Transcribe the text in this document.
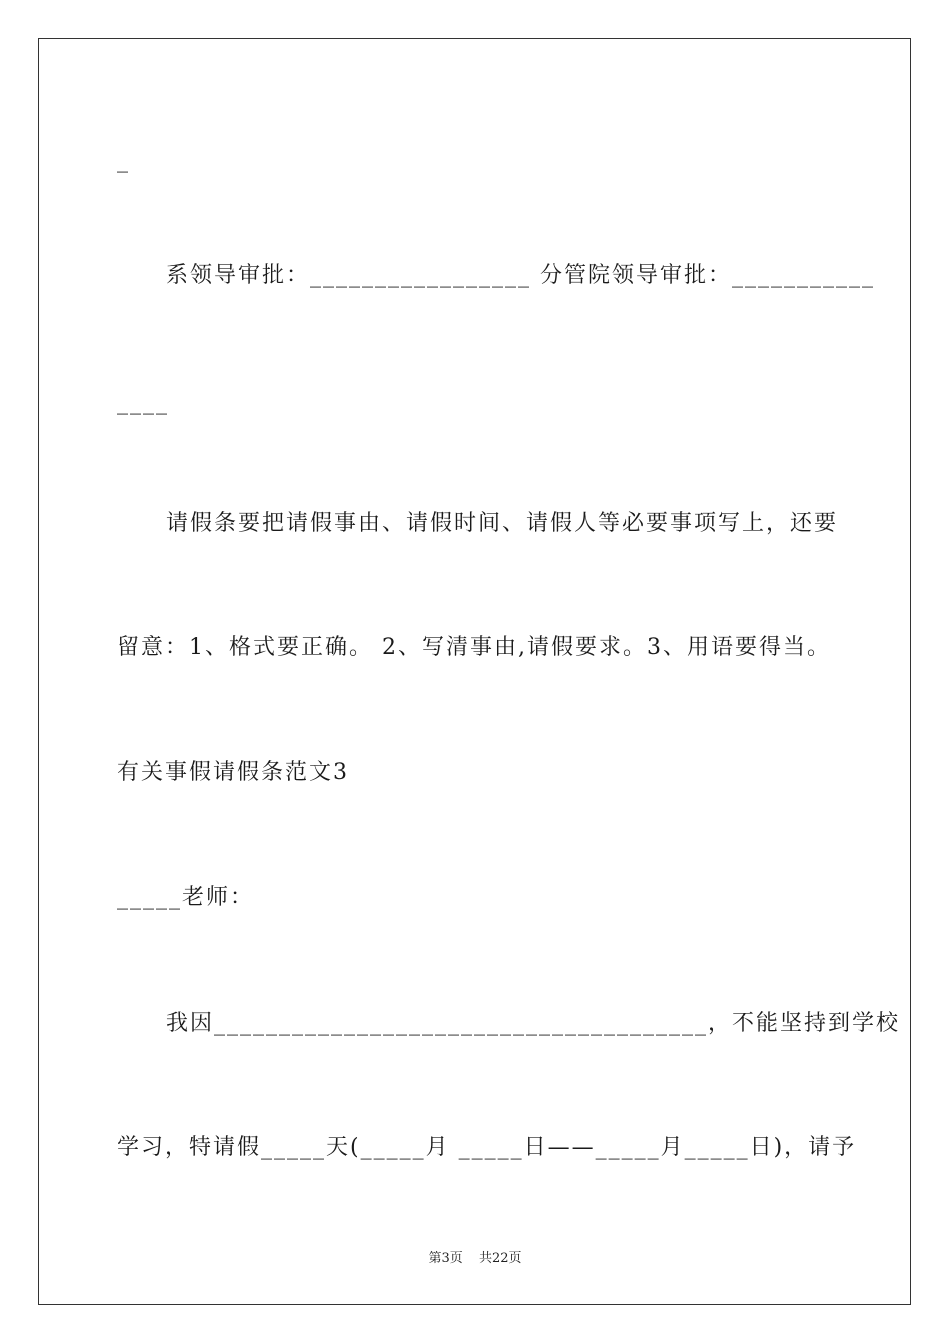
_
系领导审批：_________________ 分管院领导审批：___________
____
请假条要把请假事由、请假时间、请假人等必要事项写上，还要
留意：1、格式要正确。 2、写清事由,请假要求。3、用语要得当。
有关事假请假条范文3
_____老师：
我因______________________________________，不能坚持到学校
学习，特请假_____天(_____月 _____日——_____月_____日)，请予
第3页 共22页
